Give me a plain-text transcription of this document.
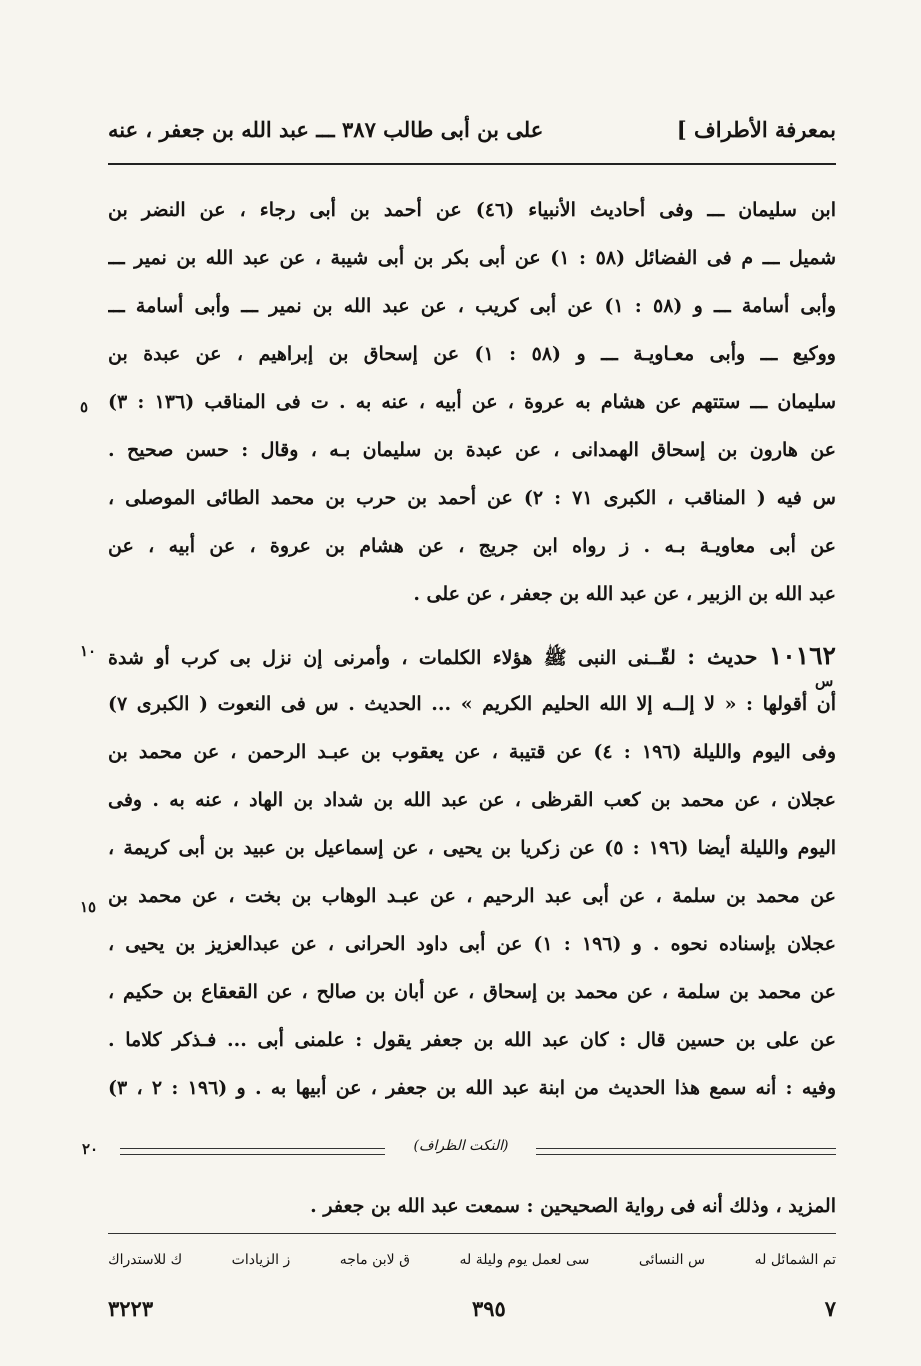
بمعرفة الأطراف ]
على بن أبى طالب ٣٨٧ ـــ عبد الله بن جعفر ، عنه
ابن سليمان ـــ وفى أحاديث الأنبياء (٤٦) عن أحمد بن أبى رجاء ، عن النضر بن
شميل ـــ م فى الفضائل (٥٨ : ١) عن أبى بكر بن أبى شيبة ، عن عبد الله بن نمير ـــ
وأبى أسامة ـــ و (٥٨ : ١) عن أبى كريب ، عن عبد الله بن نمير ـــ وأبى أسامة ـــ
ووكيع ـــ وأبى معـاويـة ـــ و (٥٨ : ١) عن إسحاق بن إبراهيم ، عن عبدة بن
سليمان ـــ ستتهم عن هشام به عروة ، عن أبيه ، عنه به . ت فى المناقب (١٣٦ : ٣)
عن هارون بن إسحاق الهمدانى ، عن عبدة بن سليمان بـه ، وقال : حسن صحيح .
س فيه ( المناقب ، الكبرى ٧١ : ٢) عن أحمد بن حرب بن محمد الطائى الموصلى ،
عن أبى معاويـة بـه . ز رواه ابن جريج ، عن هشام بن عروة ، عن أبيه ، عن
عبد الله بن الزبير ، عن عبد الله بن جعفر ، عن على .
١٠١٦٢ حديث : لقّــنى النبى ﷺ هؤلاء الكلمات ، وأمرنى إن نزل بى كرب أو شدة
أن أقولها : « لا إلــه إلا الله الحليم الكريم » ... الحديث . س فى النعوت ( الكبرى ٧)
وفى اليوم والليلة (١٩٦ : ٤) عن قتيبة ، عن يعقوب بن عبـد الرحمن ، عن محمد بن
عجلان ، عن محمد بن كعب القرظى ، عن عبد الله بن شداد بن الهاد ، عنه به . وفى
اليوم والليلة أيضا (١٩٦ : ٥) عن زكريا بن يحيى ، عن إسماعيل بن عبيد بن أبى كريمة ،
عن محمد بن سلمة ، عن أبى عبد الرحيم ، عن عبـد الوهاب بن بخت ، عن محمد بن
عجلان بإسناده نحوه . و (١٩٦ : ١) عن أبى داود الحرانى ، عن عبدالعزيز بن يحيى ،
عن محمد بن سلمة ، عن محمد بن إسحاق ، عن أبان بن صالح ، عن القعقاع بن حكيم ،
عن على بن حسين قال : كان عبد الله بن جعفر يقول : علمنى أبى ... فـذكر كلاما .
وفيه : أنه سمع هذا الحديث من ابنة عبد الله بن جعفر ، عن أبيها به . و (١٩٦ : ٢ ، ٣)
٥
١٠
١٥
س
(النكت الظراف)
٢٠
المزيد ، وذلك أنه فى رواية الصحيحين : سمعت عبد الله بن جعفر .
تم الشمائل له
س النسائى
سى لعمل يوم وليلة له
ق لابن ماجه
ز الزيادات
ك للاستدراك
٧
٣٩٥
٣٢٢٣
